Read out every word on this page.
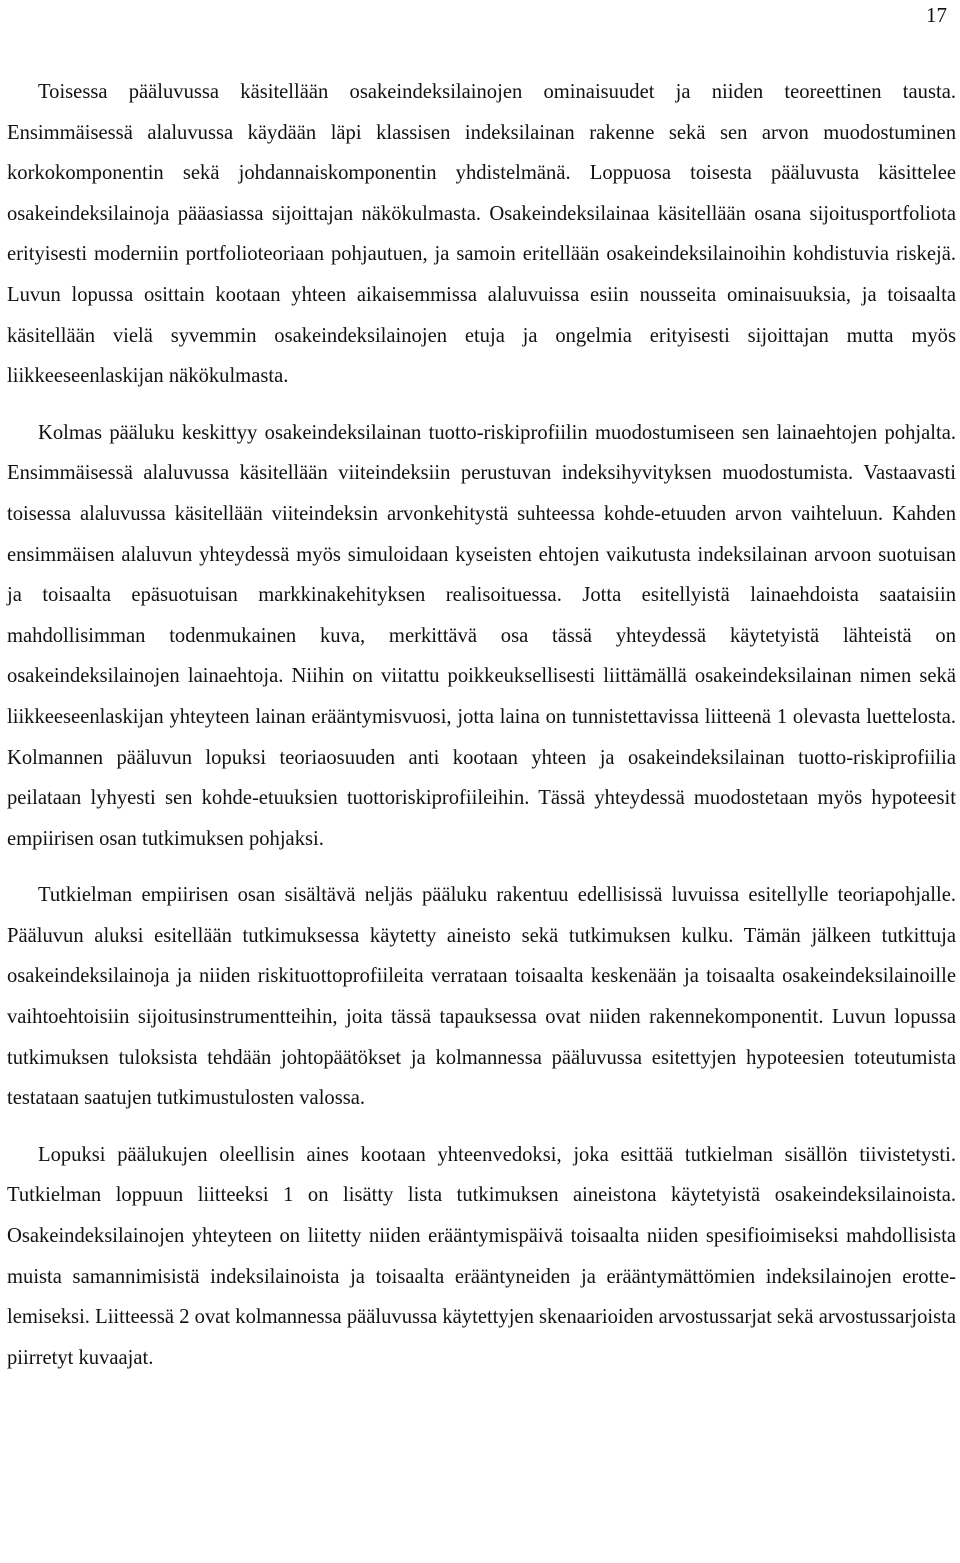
17

Toisessa pääluvussa käsitellään osakeindeksilainojen ominaisuudet ja niiden teoreettinen tausta. Ensimmäisessä alaluvussa käydään läpi klassisen indeksilainan rakenne sekä sen arvon muodostuminen korkokomponentin sekä johdannaiskomponentin yhdistelmänä. Loppuosa toisesta pääluvusta käsittelee osakeindeksilainoja pääasiassa sijoittajan näkökulmasta. Osakeindeksilainaa käsitellään osana sijoitusportfoliota erityisesti moderniin portfolioteoriaan pohjautuen, ja samoin eritellään osakeindeksilainoihin kohdistuvia riskejä. Luvun lopussa osittain kootaan yhteen aikaisemmissa alaluvuissa esiin nousseita ominaisuuksia, ja toisaalta käsitellään vielä syvemmin osakeindeksilainojen etuja ja ongelmia erityisesti sijoittajan mutta myös liikkeeseenlaskijan näkökulmasta.

Kolmas pääluku keskittyy osakeindeksilainan tuotto-riskiprofiilin muodostumiseen sen lainaehtojen pohjalta. Ensimmäisessä alaluvussa käsitellään viiteindeksiin perustuvan indeksihyvityksen muodostumista. Vastaavasti toisessa alaluvussa käsitellään viiteindeksin arvonkehitystä suhteessa kohde-etuuden arvon vaihteluun. Kahden ensimmäisen alaluvun yhteydessä myös simuloidaan kyseisten ehtojen vaikutusta indeksilainan arvoon suotuisan ja toisaalta epäsuotuisan markkinakehityksen realisoituessa. Jotta esitellyistä lainaehdoista saataisiin mahdollisimman todenmukainen kuva, merkittävä osa tässä yhteydessä käytetyistä lähteistä on osakeindeksilainojen lainaehtoja. Niihin on viitattu poikkeuksellisesti liittämällä osakeindeksilainan nimen sekä liikkeeseenlaskijan yhteyteen lainan erääntymisvuosi, jotta laina on tunnistettavissa liitteenä 1 olevasta luettelosta. Kolmannen pääluvun lopuksi teoriaosuuden anti kootaan yhteen ja osakeindeksilainan tuotto-riskiprofiilia peilataan lyhyesti sen kohde-etuuksien tuottoriskiprofiileihin. Tässä yhteydessä muodostetaan myös hypoteesit empiirisen osan tutkimuksen pohjaksi.

Tutkielman empiirisen osan sisältävä neljäs pääluku rakentuu edellisissä luvuissa esitellylle teoriapohjalle. Pääluvun aluksi esitellään tutkimuksessa käytetty aineisto sekä tutkimuksen kulku. Tämän jälkeen tutkittuja osakeindeksilainoja ja niiden riskituottoprofiileita verrataan toisaalta keskenään ja toisaalta osakeindeksilainoille vaihtoehtoisiin sijoitusinstrumentteihin, joita tässä tapauksessa ovat niiden rakennekomponentit. Luvun lopussa tutkimuksen tuloksista tehdään johtopäätökset ja kolmannessa pääluvussa esitettyjen hypoteesien toteutumista testataan saatujen tutkimustulosten valossa.

Lopuksi päälukujen oleellisin aines kootaan yhteenvedoksi, joka esittää tutkielman sisällön tiivistetysti. Tutkielman loppuun liitteeksi 1 on lisätty lista tutkimuksen aineistona käytetyistä osakeindeksilainoista. Osakeindeksilainojen yhteyteen on liitetty niiden erääntymispäivä toisaalta niiden spesifioimiseksi mahdollisista muista samannimisistä indeksilainoista ja toisaalta erääntyneiden ja erääntymättömien indeksilainojen erottelemiseksi. Liitteessä 2 ovat kolmannessa pääluvussa käytettyjen skenaarioiden arvostussarjat sekä arvostussarjoista piirretyt kuvaajat.
